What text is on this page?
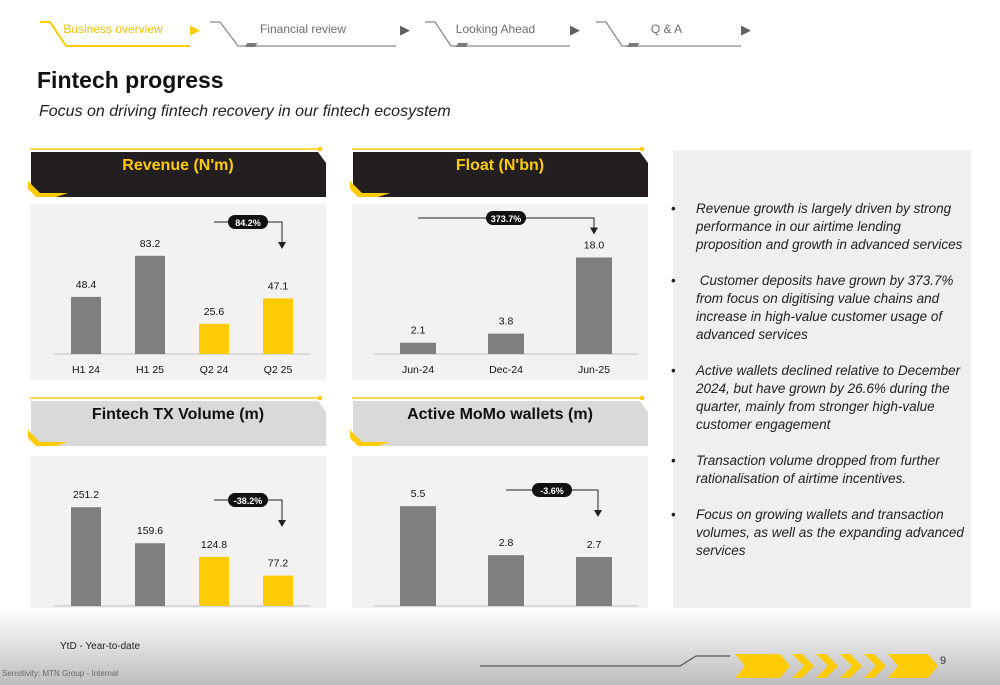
Business overview	▶	Financial review	▶	Looking Ahead	▶	Q & A	▶
Fintech progress
Focus on driving fintech recovery in our fintech ecosystem
Revenue (N'm)	Float (N'bn)
Fintech TX Volume (m)	Active MoMo wallets (m)
48.4
H1 24
83.2
H1 25
25.6
Q2 24
47.1
Q2 25
84.2%
2.1
Jun-24
3.8
Dec-24
18.0
Jun-25
373.7%
251.2
159.6
124.8
77.2
-38.2%
5.5
2.8	2.7
-3.6%
• Revenue growth is largely driven by strong performance in our airtime lending proposition and growth in advanced services
• Customer deposits have grown by 373.7% from focus on digitising value chains and increase in high-value customer usage of advanced services
• Active wallets declined relative to December 2024, but have grown by 26.6% during the quarter, mainly from stronger high-value customer engagement
• Transaction volume dropped from further rationalisation of airtime incentives.
• Focus on growing wallets and transaction volumes, as well as the expanding advanced services
YtD - Year-to-date
Sensitivity: MTN Group - Internal
9
